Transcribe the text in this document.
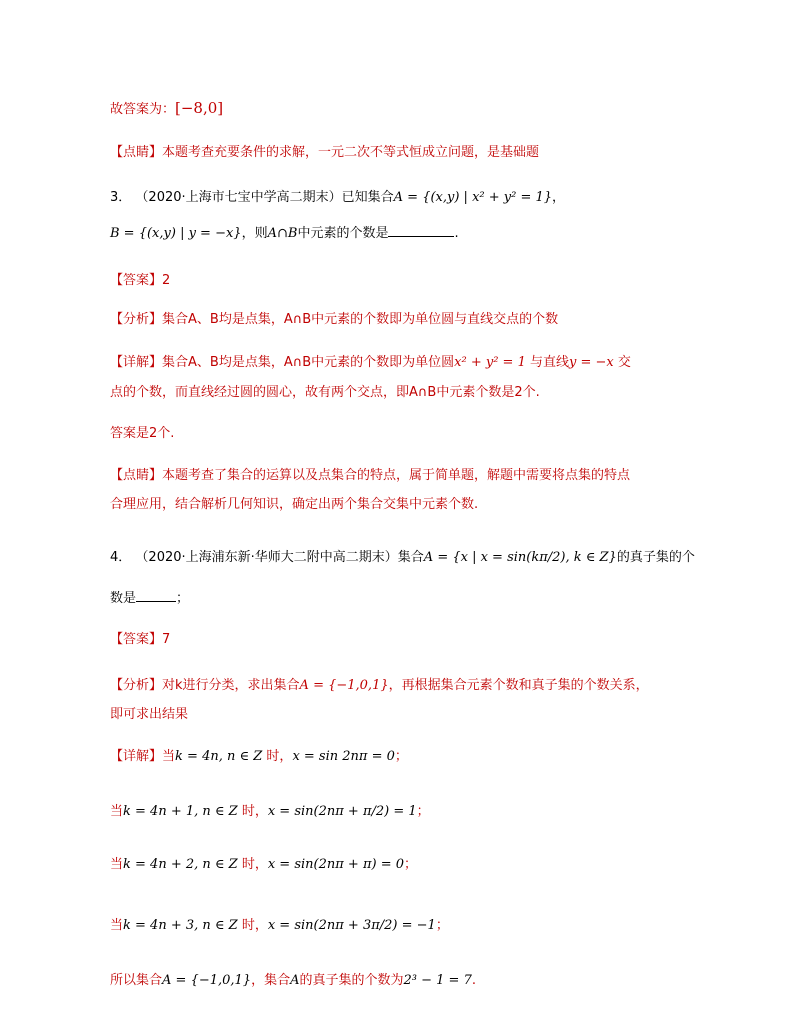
故答案为：[−8,0]
【点睛】本题考查充要条件的求解，一元二次不等式恒成立问题，是基础题
3． （2020·上海市七宝中学高二期末）已知集合A = {(x,y) | x² + y² = 1}，
B = {(x,y) | y = −x}，则A∩B中元素的个数是	.
【答案】2
【分析】集合A、B均是点集，A∩B中元素的个数即为单位圆与直线交点的个数
【详解】集合A、B均是点集，A∩B中元素的个数即为单位圆x² + y² = 1 与直线y = −x 交
点的个数，而直线经过圆的圆心，故有两个交点，即A∩B中元素个数是2个.
答案是2个.
【点睛】本题考查了集合的运算以及点集合的特点，属于简单题，解题中需要将点集的特点
合理应用，结合解析几何知识，确定出两个集合交集中元素个数.
4． （2020·上海浦东新·华师大二附中高二期末）集合A = {x | x = sin(kπ/2), k ∈ Z}的真子集的个
数是	；
【答案】7
【分析】对k进行分类，求出集合A = {−1,0,1}，再根据集合元素个数和真子集的个数关系，
即可求出结果
【详解】当k = 4n, n ∈ Z 时，x = sin 2nπ = 0；
当k = 4n + 1, n ∈ Z 时，x = sin(2nπ + π/2) = 1；
当k = 4n + 2, n ∈ Z 时，x = sin(2nπ + π) = 0；
当k = 4n + 3, n ∈ Z 时，x = sin(2nπ + 3π/2) = −1；
所以集合A = {−1,0,1}，集合A的真子集的个数为2³ − 1 = 7.
